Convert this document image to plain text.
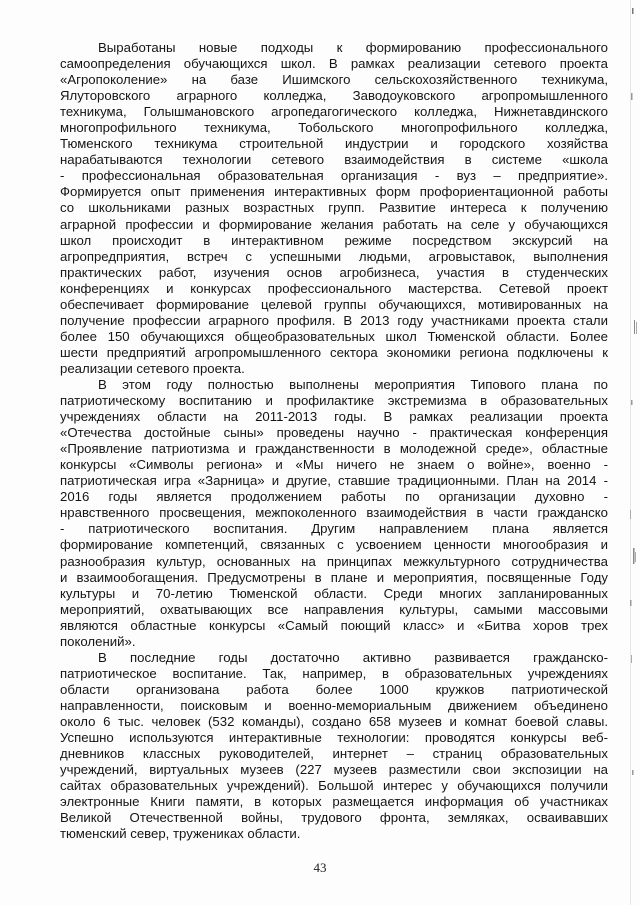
Выработаны новые подходы к формированию профессионального
самоопределения обучающихся школ. В рамках реализации сетевого проекта
«Агропоколение» на базе Ишимского сельскохозяйственного техникума,
Ялуторовского аграрного колледжа, Заводоуковского агропромышленного
техникума, Голышмановского агропедагогического колледжа, Нижнетавдинского
многопрофильного техникума, Тобольского многопрофильного колледжа,
Тюменского техникума строительной индустрии и городского хозяйства
нарабатываются технологии сетевого взаимодействия в системе «школа
- профессиональная образовательная организация - вуз – предприятие».
Формируется опыт применения интерактивных форм профориентационной работы
со школьниками разных возрастных групп. Развитие интереса к получению
аграрной профессии и формирование желания работать на селе у обучающихся
школ происходит в интерактивном режиме посредством экскурсий на
агропредприятия, встреч с успешными людьми, агровыставок, выполнения
практических работ, изучения основ агробизнеса, участия в студенческих
конференциях и конкурсах профессионального мастерства. Сетевой проект
обеспечивает формирование целевой группы обучающихся, мотивированных на
получение профессии аграрного профиля. В 2013 году участниками проекта стали
более 150 обучающихся общеобразовательных школ Тюменской области. Более
шести предприятий агропромышленного сектора экономики региона подключены к
реализации сетевого проекта.
В этом году полностью выполнены мероприятия Типового плана по
патриотическому воспитанию и профилактике экстремизма в образовательных
учреждениях области на 2011-2013 годы. В рамках реализации проекта
«Отечества достойные сыны» проведены научно - практическая конференция
«Проявление патриотизма и гражданственности в молодежной среде», областные
конкурсы «Символы региона» и «Мы ничего не знаем о войне», военно -
патриотическая игра «Зарница» и другие, ставшие традиционными. План на 2014 -
2016 годы является продолжением работы по организации духовно -
нравственного просвещения, межпоколенного взаимодействия в части гражданско
- патриотического воспитания. Другим направлением плана является
формирование компетенций, связанных с усвоением ценности многообразия и
разнообразия культур, основанных на принципах межкультурного сотрудничества
и взаимообогащения. Предусмотрены в плане и мероприятия, посвященные Году
культуры и 70-летию Тюменской области. Среди многих запланированных
мероприятий, охватывающих все направления культуры, самыми массовыми
являются областные конкурсы «Самый поющий класс» и «Битва хоров трех
поколений».
В последние годы достаточно активно развивается гражданско-
патриотическое воспитание. Так, например, в образовательных учреждениях
области организована работа более 1000 кружков патриотической
направленности, поисковым и военно-мемориальным движением объединено
около 6 тыс. человек (532 команды), создано 658 музеев и комнат боевой славы.
Успешно используются интерактивные технологии: проводятся конкурсы веб-
дневников классных руководителей, интернет – страниц образовательных
учреждений, виртуальных музеев (227 музеев разместили свои экспозиции на
сайтах образовательных учреждений). Большой интерес у обучающихся получили
электронные Книги памяти, в которых размещается информация об участниках
Великой Отечественной войны, трудового фронта, земляках, осваивавших
тюменский север, тружениках области.
43
